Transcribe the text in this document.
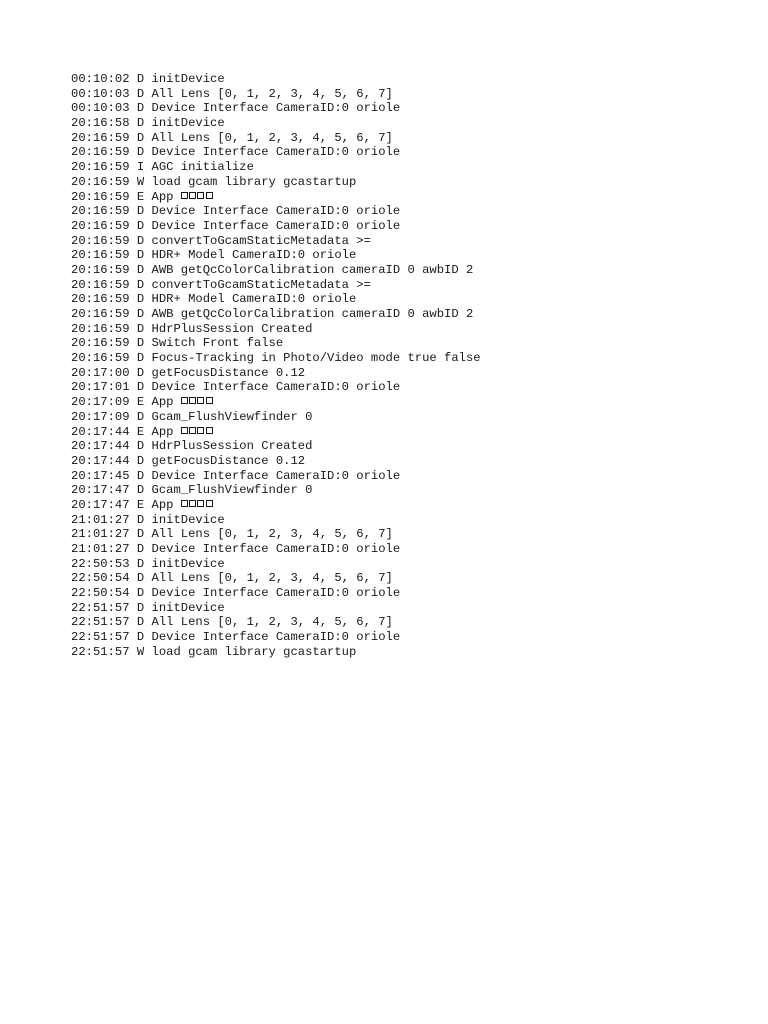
00:10:02 D initDevice
00:10:03 D All Lens [0, 1, 2, 3, 4, 5, 6, 7]
00:10:03 D Device Interface CameraID:0 oriole
20:16:58 D initDevice
20:16:59 D All Lens [0, 1, 2, 3, 4, 5, 6, 7]
20:16:59 D Device Interface CameraID:0 oriole
20:16:59 I AGC initialize
20:16:59 W load gcam library gcastartup
20:16:59 E App
20:16:59 D Device Interface CameraID:0 oriole
20:16:59 D Device Interface CameraID:0 oriole
20:16:59 D convertToGcamStaticMetadata >=
20:16:59 D HDR+ Model CameraID:0 oriole
20:16:59 D AWB getQcColorCalibration cameraID 0 awbID 2
20:16:59 D convertToGcamStaticMetadata >=
20:16:59 D HDR+ Model CameraID:0 oriole
20:16:59 D AWB getQcColorCalibration cameraID 0 awbID 2
20:16:59 D HdrPlusSession Created
20:16:59 D Switch Front false
20:16:59 D Focus-Tracking in Photo/Video mode true false
20:17:00 D getFocusDistance 0.12
20:17:01 D Device Interface CameraID:0 oriole
20:17:09 E App
20:17:09 D Gcam_FlushViewfinder 0
20:17:44 E App
20:17:44 D HdrPlusSession Created
20:17:44 D getFocusDistance 0.12
20:17:45 D Device Interface CameraID:0 oriole
20:17:47 D Gcam_FlushViewfinder 0
20:17:47 E App
21:01:27 D initDevice
21:01:27 D All Lens [0, 1, 2, 3, 4, 5, 6, 7]
21:01:27 D Device Interface CameraID:0 oriole
22:50:53 D initDevice
22:50:54 D All Lens [0, 1, 2, 3, 4, 5, 6, 7]
22:50:54 D Device Interface CameraID:0 oriole
22:51:57 D initDevice
22:51:57 D All Lens [0, 1, 2, 3, 4, 5, 6, 7]
22:51:57 D Device Interface CameraID:0 oriole
22:51:57 W load gcam library gcastartup
